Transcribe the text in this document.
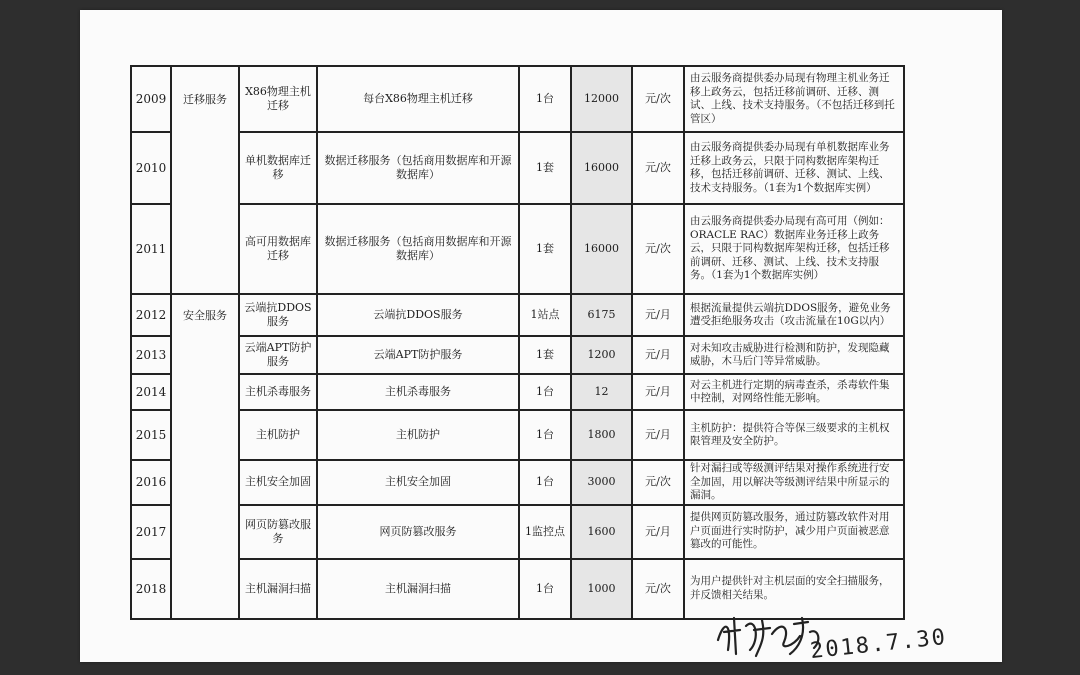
2009	迁移服务	X86物理主机迁移	每台X86物理主机迁移	1台	12000	元/次	由云服务商提供委办局现有物理主机业务迁移上政务云，包括迁移前调研、迁移、测试、上线、技术支持服务。（不包括迁移到托管区）
2010		单机数据库迁移	数据迁移服务（包括商用数据库和开源数据库）	1套	16000	元/次	由云服务商提供委办局现有单机数据库业务迁移上政务云，只限于同构数据库架构迁移，包括迁移前调研、迁移、测试、上线、技术支持服务。（1套为1个数据库实例）
2011		高可用数据库迁移	数据迁移服务（包括商用数据库和开源数据库）	1套	16000	元/次	由云服务商提供委办局现有高可用（例如：ORACLE RAC）数据库业务迁移上政务云，只限于同构数据库架构迁移，包括迁移前调研、迁移、测试、上线、技术支持服务。（1套为1个数据库实例）
2012	安全服务	云端抗DDOS服务	云端抗DDOS服务	1站点	6175	元/月	根据流量提供云端抗DDOS服务，避免业务遭受拒绝服务攻击（攻击流量在10G以内）
2013		云端APT防护服务	云端APT防护服务	1套	1200	元/月	对未知攻击威胁进行检测和防护，发现隐藏威胁，木马后门等异常威胁。
2014		主机杀毒服务	主机杀毒服务	1台	12	元/月	对云主机进行定期的病毒查杀，杀毒软件集中控制，对网络性能无影响。
2015		主机防护	主机防护	1台	1800	元/月	主机防护：提供符合等保三级要求的主机权限管理及安全防护。
2016		主机安全加固	主机安全加固	1台	3000	元/次	针对漏扫或等级测评结果对操作系统进行安全加固，用以解决等级测评结果中所显示的漏洞。
2017		网页防篡改服务	网页防篡改服务	1监控点	1600	元/月	提供网页防篡改服务，通过防篡改软件对用户页面进行实时防护，减少用户页面被恶意篡改的可能性。
2018		主机漏洞扫描	主机漏洞扫描	1台	1000	元/次	为用户提供针对主机层面的安全扫描服务，并反馈相关结果。
2018.7.30
